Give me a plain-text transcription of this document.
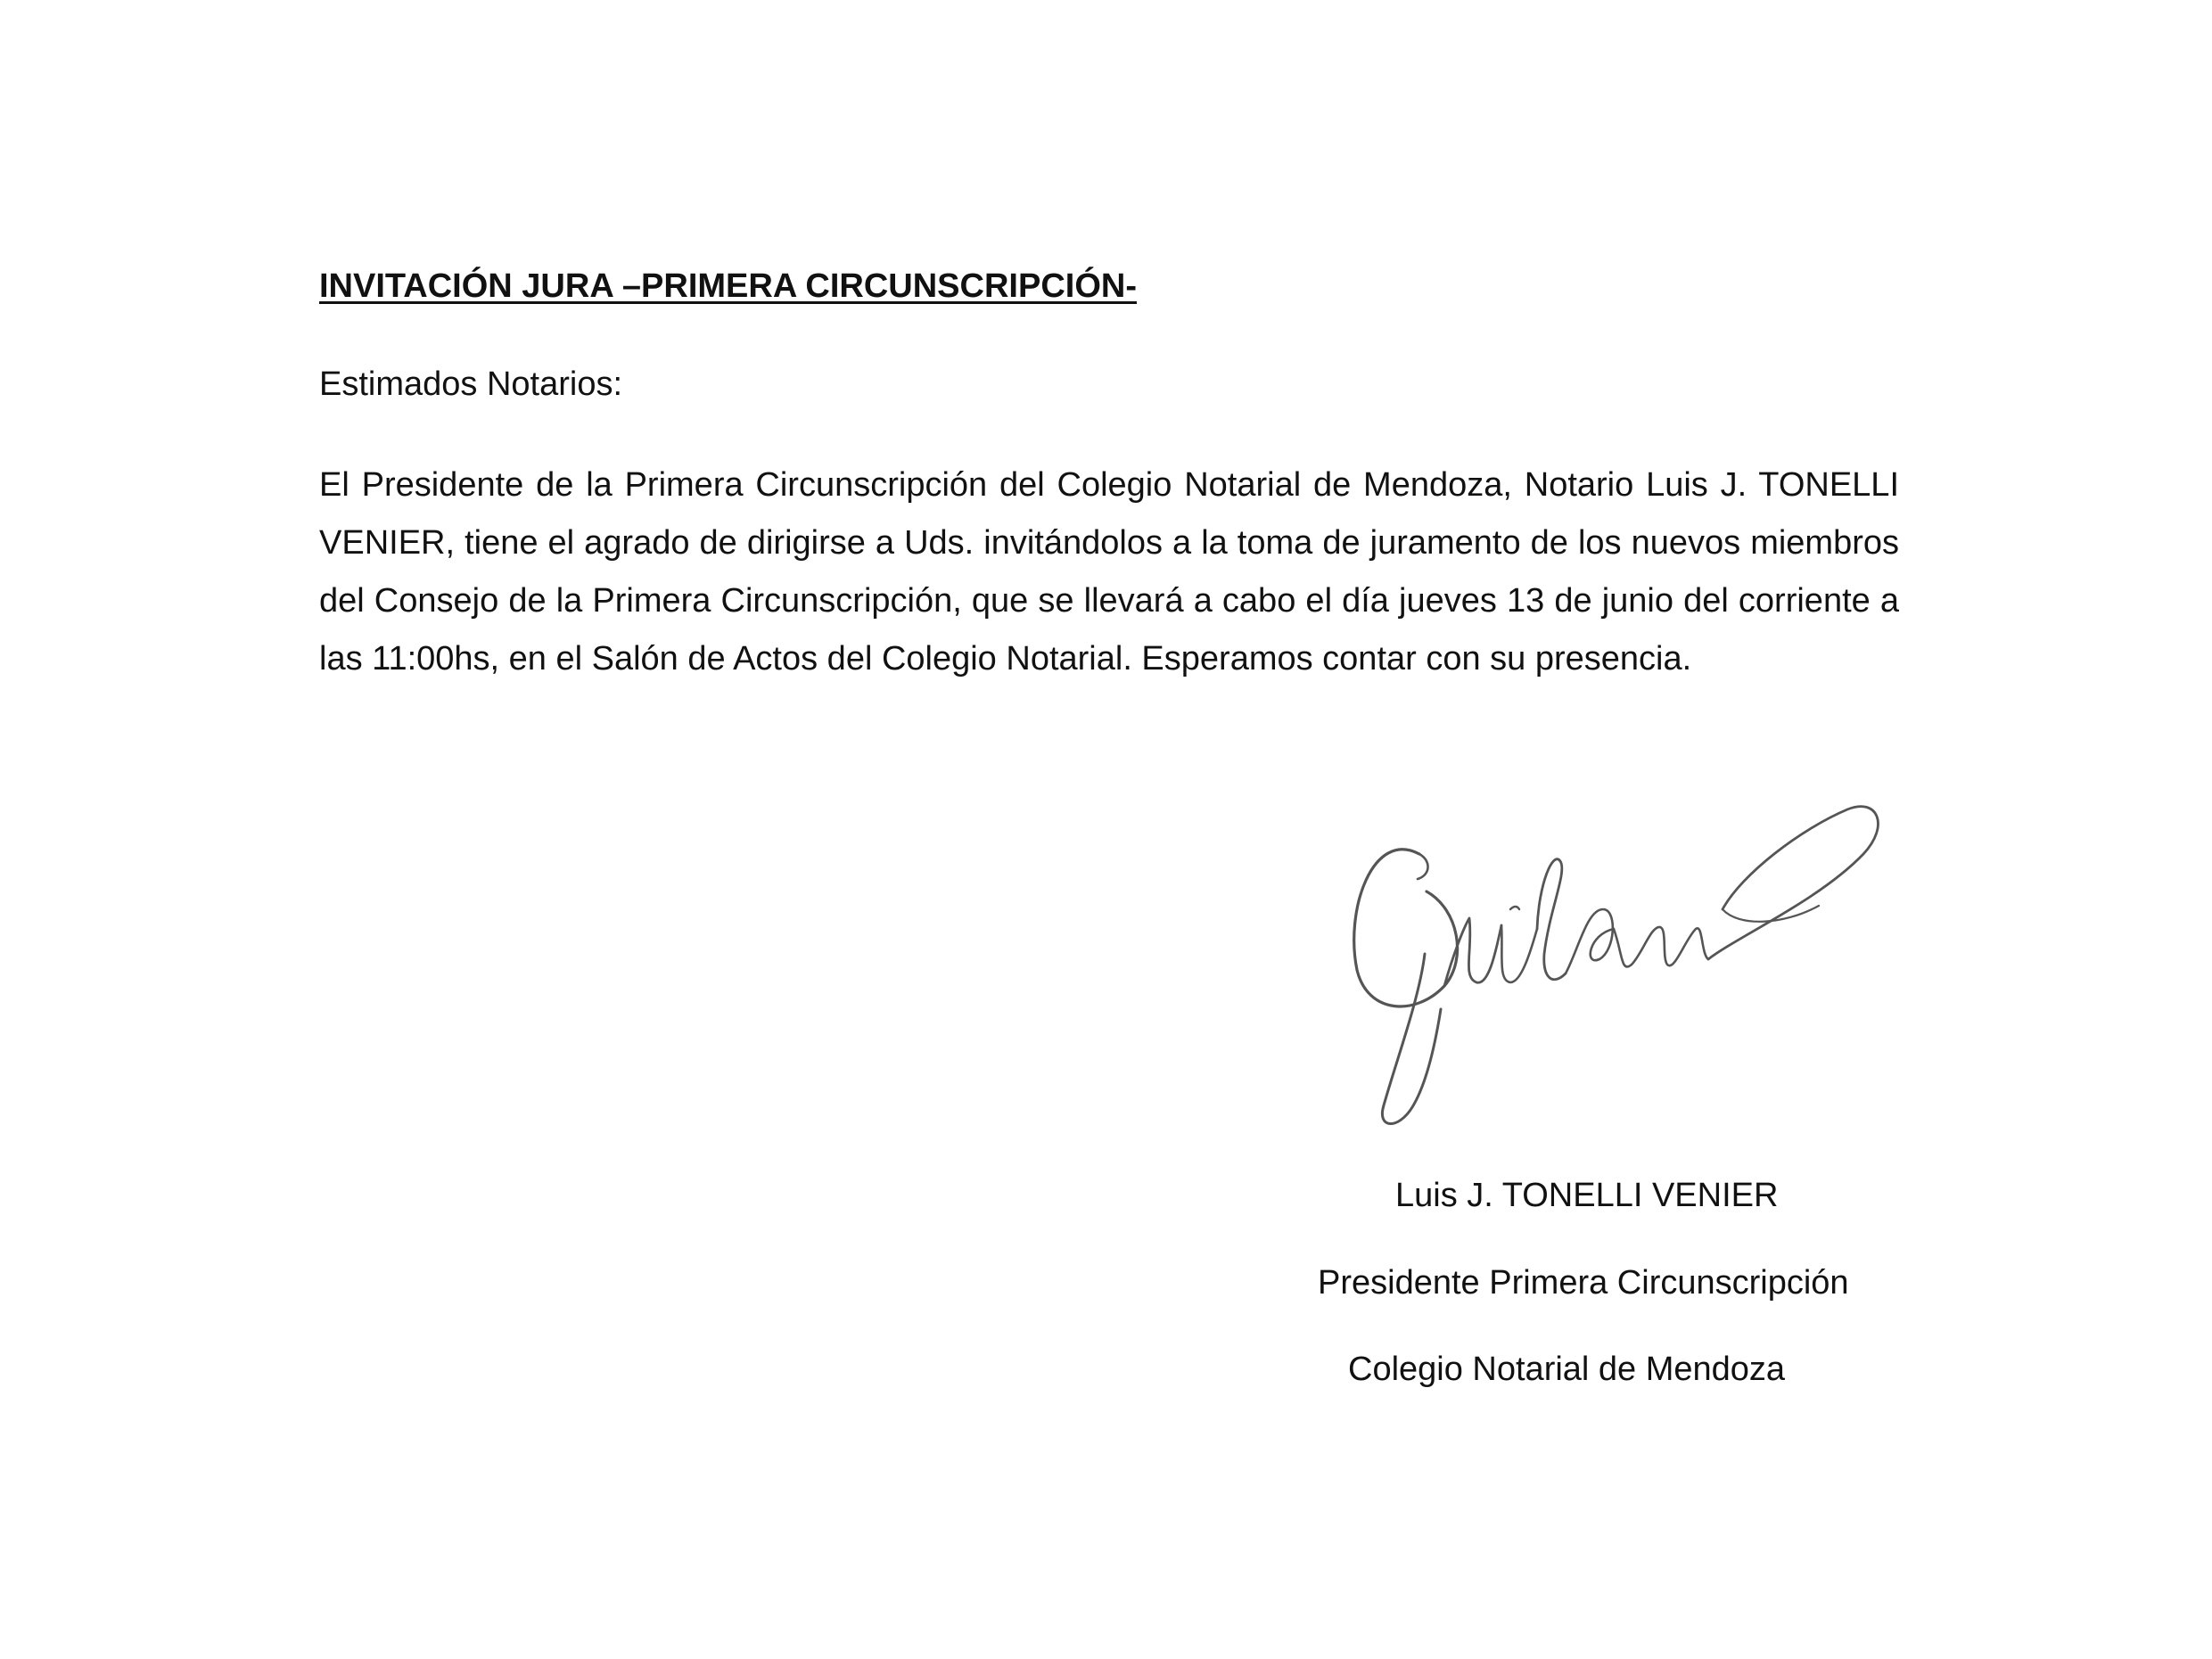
INVITACIÓN JURA –PRIMERA CIRCUNSCRIPCIÓN-
Estimados Notarios:
El Presidente de la Primera Circunscripción del Colegio Notarial de Mendoza, Notario Luis J. TONELLI VENIER, tiene el agrado de dirigirse a Uds. invitándolos a la toma de juramento de los nuevos miembros del Consejo de la Primera Circunscripción, que se llevará a cabo el día jueves 13 de junio del corriente a las 11:00hs, en el Salón de Actos del Colegio Notarial. Esperamos contar con su presencia.
Luis J. TONELLI VENIER
Presidente Primera Circunscripción
Colegio Notarial de Mendoza
